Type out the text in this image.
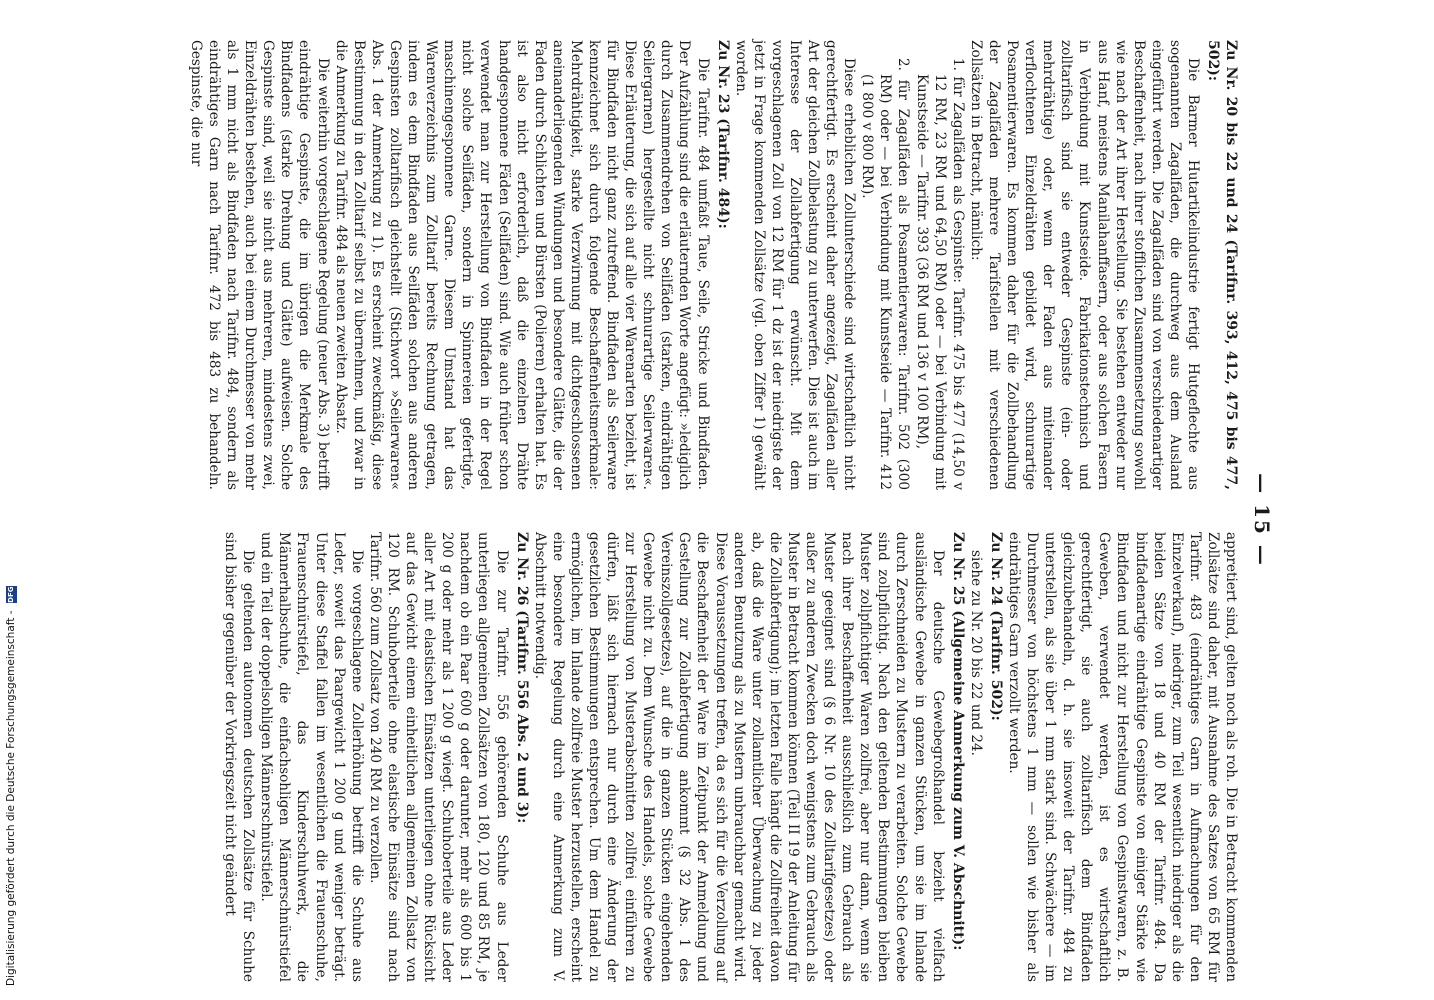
— 15 —
Zu Nr. 20 bis 22 und 24 (Tarifnr. 393, 412, 475 bis 477, 502):

Die Barmer Hutartikelindustrie fertigt Hutgeflechte aus sogenannten Zagalfäden, die durchweg aus dem Ausland eingeführt werden. Die Zagalfäden sind von verschiedenartiger Beschaffenheit, nach ihrer stofflichen Zusammensetzung sowohl wie nach der Art ihrer Herstellung. Sie bestehen entweder nur aus Hanf, meistens Manilahanffasern, oder aus solchen Fasern in Verbindung mit Kunstseide. Fabrikationstechnisch und zolltarifisch sind sie entweder Gespinste (ein- oder mehrdrähtige) oder, wenn der Faden aus miteinander verflochtenen Einzeldrähten gebildet wird, schnurartige Posamentierwaren. Es kommen daher für die Zollbehandlung der Zagalfäden mehrere Tarifstellen mit verschiedenen Zollsätzen in Betracht, nämlich:

1. für Zagalfäden als Gespinste: Tarifnr. 475 bis 477 (14,50 v 12 RM, 23 RM und 64,50 RM) oder — bei Verbindung mit Kunstseide — Tarifnr. 393 (36 RM und 136 v 100 RM),

2. für Zagalfäden als Posamentierwaren: Tarifnr. 502 (300 RM) oder — bei Verbindung mit Kunstseide — Tarifnr. 412 (1 800 v 800 RM).

Diese erheblichen Zollunterschiede sind wirtschaftlich nicht gerechtfertigt. Es erscheint daher angezeigt, Zagalfäden aller Art der gleichen Zollbelastung zu unterwerfen. Dies ist auch im Interesse der Zollabfertigung erwünscht. Mit dem vorgeschlagenen Zoll von 12 RM für 1 dz ist der niedrigste der jetzt in Frage kommenden Zollsätze (vgl. oben Ziffer 1) gewählt worden.

Zu Nr. 23 (Tarifnr. 484):

Die Tarifnr. 484 umfaßt Taue, Seile, Stricke und Bindfaden. Der Aufzählung sind die erläuternden Worte angefügt: »lediglich durch Zusammendrehen von Seilfäden (starken, eindrähtigen Seilergarnen) hergestellte nicht schnurartige Seilerwaren«. Diese Erläuterung, die sich auf alle vier Warenarten bezieht, ist für Bindfaden nicht ganz zutreffend. Bindfaden als Seilerware kennzeichnet sich durch folgende Beschaffenheitsmerkmale: Mehrdrähtigkeit, starke Verzwirnung mit dichtgeschlossenen aneinanderliegenden Windungen und besondere Glätte, die der Faden durch Schlichten und Bürsten (Polieren) erhalten hat. Es ist also nicht erforderlich, daß die einzelnen Drähte handgesponnene Fäden (Seilfäden) sind. Wie auch früher schon verwendet man zur Herstellung von Bindfaden in der Regel nicht solche Seilfäden, sondern in Spinnereien gefertigte, maschinengesponnene Garne. Diesem Umstand hat das Warenverzeichnis zum Zolltarif bereits Rechnung getragen, indem es dem Bindfaden aus Seilfäden solchen aus anderen Gespinsten zolltarifisch gleichstellt (Stichwort »Seilerwaren« Abs. 1 der Anmerkung zu 1). Es erscheint zweckmäßig, diese Bestimmung in den Zolltarif selbst zu übernehmen, und zwar in die Anmerkung zu Tarifnr. 484 als neuen zweiten Absatz.

Die weiterhin vorgeschlagene Regelung (neuer Abs. 3) betrifft eindrähtige Gespinste, die im übrigen die Merkmale des Bindfadens (starke Drehung und Glätte) aufweisen. Solche Gespinste sind, weil sie nicht aus mehreren, mindestens zwei, Einzeldrähten bestehen, auch bei einem Durchmesser von mehr als 1 mm nicht als Bindfaden nach Tarifnr. 484, sondern als eindrähtiges Garn nach Tarifnr. 472 bis 483 zu behandeln. Gespinste, die nur

appretiert sind, gelten noch als roh. Die in Betracht kommenden Zollsätze sind daher, mit Ausnahme des Satzes von 65 RM für Tarifnr. 483 (eindrähtiges Garn in Aufmachungen für den Einzelverkauf), niedriger, zum Teil wesentlich niedriger als die beiden Sätze von 18 und 40 RM der Tarifnr. 484. Da bindfadenartige eindrähtige Gespinste von einiger Stärke wie Bindfaden und nicht zur Herstellung von Gespinstwaren, z. B. Geweben, verwendet werden, ist es wirtschaftlich gerechtfertigt, sie auch zolltarifisch dem Bindfaden gleichzubehandeln, d. h. sie insoweit der Tarifnr. 484 zu unterstellen, als sie über 1 mm stark sind. Schwächere — im Durchmesser von höchstens 1 mm — sollen wie bisher als eindrähtiges Garn verzollt werden.

Zu Nr. 24 (Tarifnr. 502):

siehe zu Nr. 20 bis 22 und 24.

Zu Nr. 25 (Allgemeine Anmerkung zum V. Abschnitt):

Der deutsche Gewebegroßhandel bezieht vielfach ausländische Gewebe in ganzen Stücken, um sie im Inlande durch Zerschneiden zu Mustern zu verarbeiten. Solche Gewebe sind zollpflichtig. Nach den geltenden Bestimmungen bleiben Muster zollpflichtiger Waren zollfrei, aber nur dann, wenn sie nach ihrer Beschaffenheit ausschließlich zum Gebrauch als Muster geeignet sind (§ 6 Nr. 10 des Zolltarifgesetzes) oder außer zu anderen Zwecken doch wenigstens zum Gebrauch als Muster in Betracht kommen können (Teil II 19 der Anleitung für die Zollabfertigung); im letzten Falle hängt die Zollfreiheit davon ab, daß die Ware unter zollamtlicher Überwachung zu jeder anderen Benutzung als zu Mustern unbrauchbar gemacht wird. Diese Voraussetzungen treffen, da es sich für die Verzollung auf die Beschaffenheit der Ware im Zeitpunkt der Anmeldung und Gestellung zur Zollabfertigung ankommt (§ 32 Abs. 1 des Vereinszollgesetzes), auf die in ganzen Stücken eingehenden Gewebe nicht zu. Dem Wunsche des Handels, solche Gewebe zur Herstellung von Musterabschnitten zollfrei einführen zu dürfen, läßt sich hiernach nur durch eine Änderung der gesetzlichen Bestimmungen entsprechen. Um dem Handel zu ermöglichen, im Inlande zollfreie Muster herzustellen, erscheint eine besondere Regelung durch eine Anmerkung zum V. Abschnitt notwendig.

Zu Nr. 26 (Tarifnr. 556 Abs. 2 und 3):

Die zur Tarifnr. 556 gehörenden Schuhe aus Leder unterliegen allgemeinen Zollsätzen von 180, 120 und 85 RM, je nachdem ob ein Paar 600 g oder darunter, mehr als 600 bis 1 200 g oder mehr als 1 200 g wiegt. Schuhoberteile aus Leder aller Art mit elastischen Einsätzen unterliegen ohne Rücksicht auf das Gewicht einem einheitlichen allgemeinen Zollsatz von 120 RM. Schuhoberteile ohne elastische Einsätze sind nach Tarifnr. 560 zum Zollsatz von 240 RM zu verzollen.

Die vorgeschlagene Zollerhöhung betrifft die Schuhe aus Leder, soweit das Paargewicht 1 200 g und weniger beträgt. Unter diese Staffel fallen im wesentlichen die Frauenschuhe, Frauenschnürstiefel, das Kinderschuhwerk, die Männerhalbschuhe, die einfachsohligen Männerschnürstiefel und ein Teil der doppelsohligen Männerschnürstiefel.

Die geltenden autonomen deutschen Zollsätze für Schuhe sind bisher gegenüber der Vorkriegszeit nicht geändert

Digitalisierung gefördert durch die Deutsche Forschungsgemeinschaft - DFG
